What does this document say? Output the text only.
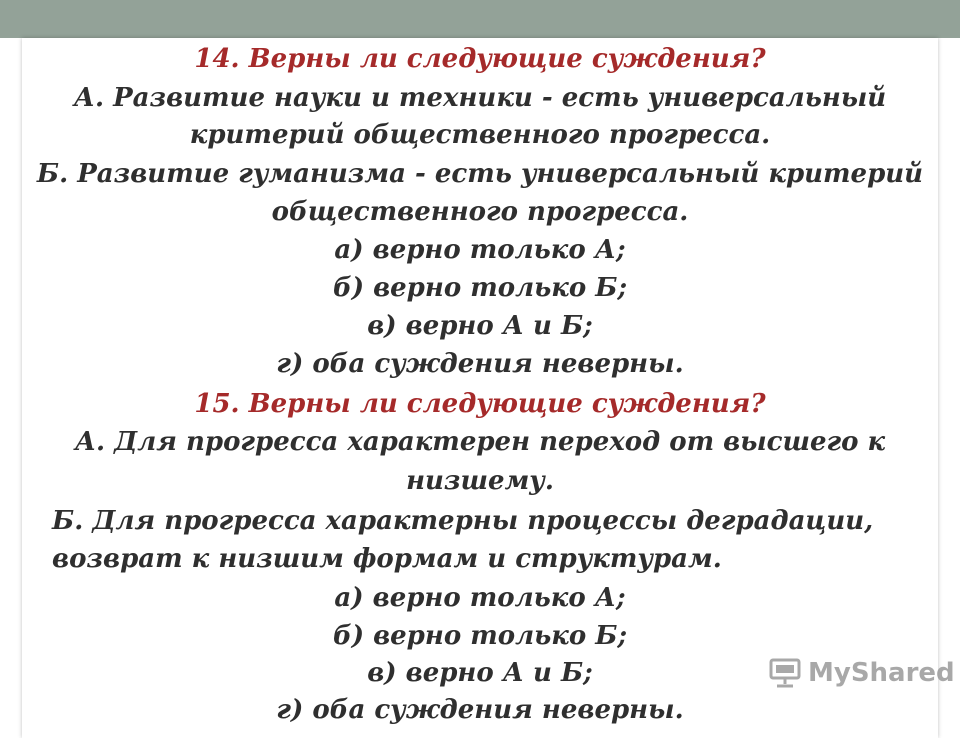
14. Верны ли следующие суждения?
А. Развитие науки и техники - есть универсальный
критерий общественного прогресса.
Б. Развитие гуманизма - есть универсальный критерий
общественного прогресса.
а) верно только А;
б) верно только Б;
в) верно А и Б;
г) оба суждения неверны.
15. Верны ли следующие суждения?
А. Для прогресса характерен переход от высшего к
низшему.
Б. Для прогресса характерны процессы деградации,
возврат к низшим формам и структурам.
а) верно только А;
б) верно только Б;
в) верно А и Б;
г) оба суждения неверны.
MyShared
